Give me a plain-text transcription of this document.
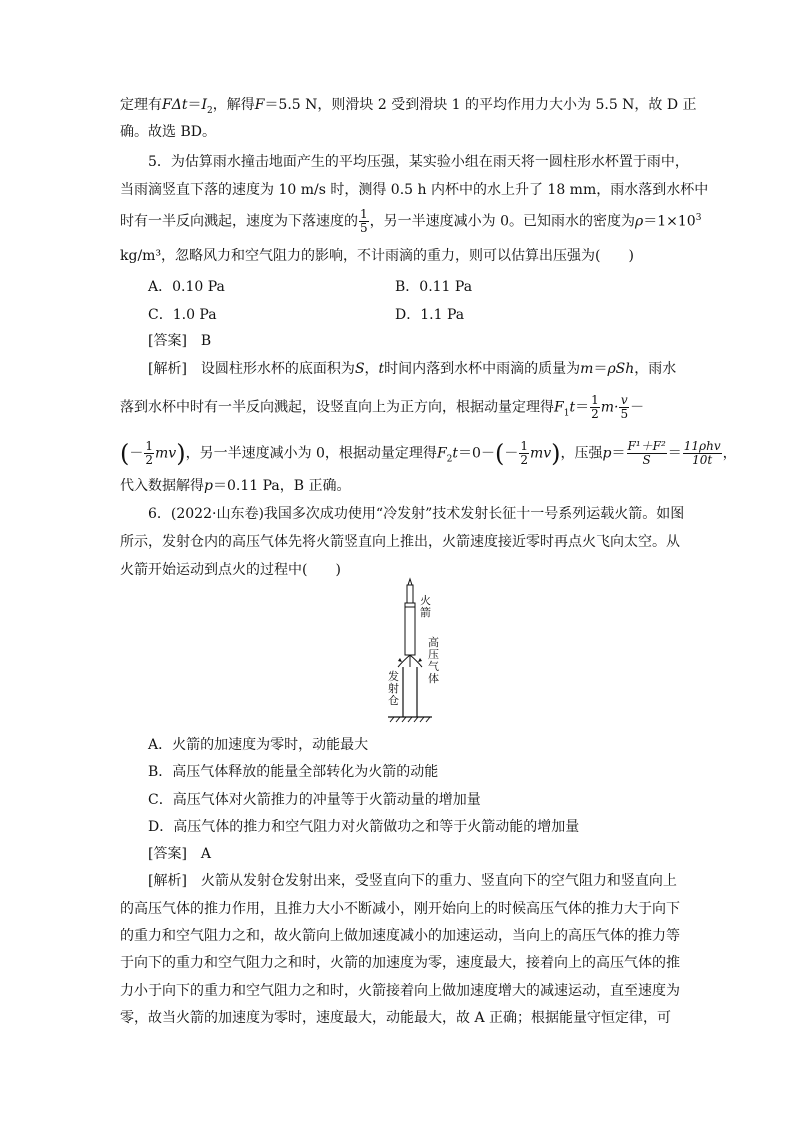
定理有$F\Delta t=I_2$，解得F＝5.5 N，则滑块 2 受到滑块 1 的平均作用力大小为 5.5 N，故 D 正
确。故选 BD。
5．为估算雨水撞击地面产生的平均压强，某实验小组在雨天将一圆柱形水杯置于雨中，
当雨滴竖直下落的速度为 10 m/s 时，测得 0.5 h 内杯中的水上升了 18 mm，雨水落到水杯中
时有一半反向溅起，速度为下落速度的 $\frac{1}{5}$ ，另一半速度减小为 0。已知雨水的密度为$\rho=1\times 10^3$
kg/m³，忽略风力和空气阻力的影响，不计雨滴的重力，则可以估算出压强为(　　)
A．0.10 Pa	B．0.11 Pa
C．1.0 Pa	D．1.1 Pa
[答案]　B
[解析]　设圆柱形水杯的底面积为S，t时间内落到水杯中雨滴的质量为m＝ρSh，雨水
落到水杯中时有一半反向溅起，设竖直向上为正方向，根据动量定理得$F_1t= \frac{1}{2} m\cdot \frac{v}{5}$ －
(－ $\frac{1}{2} mv$)，另一半速度减小为 0，根据动量定理得$F_2t=0-(- \frac{1}{2} mv)$，压强$p= \frac{\text{F¹＋F²}}{S} = \frac{\text{11ρhv}}{10t}$ ，
代入数据解得p＝0.11 Pa，B 正确。
6．(2022·山东卷)我国多次成功使用“冷发射”技术发射长征十一号系列运载火箭。如图
所示，发射仓内的高压气体先将火箭竖直向上推出，火箭速度接近零时再点火飞向太空。从
火箭开始运动到点火的过程中(　　)
火箭
高压气体
发射仓
A．火箭的加速度为零时，动能最大
B．高压气体释放的能量全部转化为火箭的动能
C．高压气体对火箭推力的冲量等于火箭动量的增加量
D．高压气体的推力和空气阻力对火箭做功之和等于火箭动能的增加量
[答案]　A
[解析]　火箭从发射仓发射出来，受竖直向下的重力、竖直向下的空气阻力和竖直向上
的高压气体的推力作用，且推力大小不断减小，刚开始向上的时候高压气体的推力大于向下
的重力和空气阻力之和，故火箭向上做加速度减小的加速运动，当向上的高压气体的推力等
于向下的重力和空气阻力之和时，火箭的加速度为零，速度最大，接着向上的高压气体的推
力小于向下的重力和空气阻力之和时，火箭接着向上做加速度增大的减速运动，直至速度为
零，故当火箭的加速度为零时，速度最大，动能最大，故 A 正确；根据能量守恒定律，可
